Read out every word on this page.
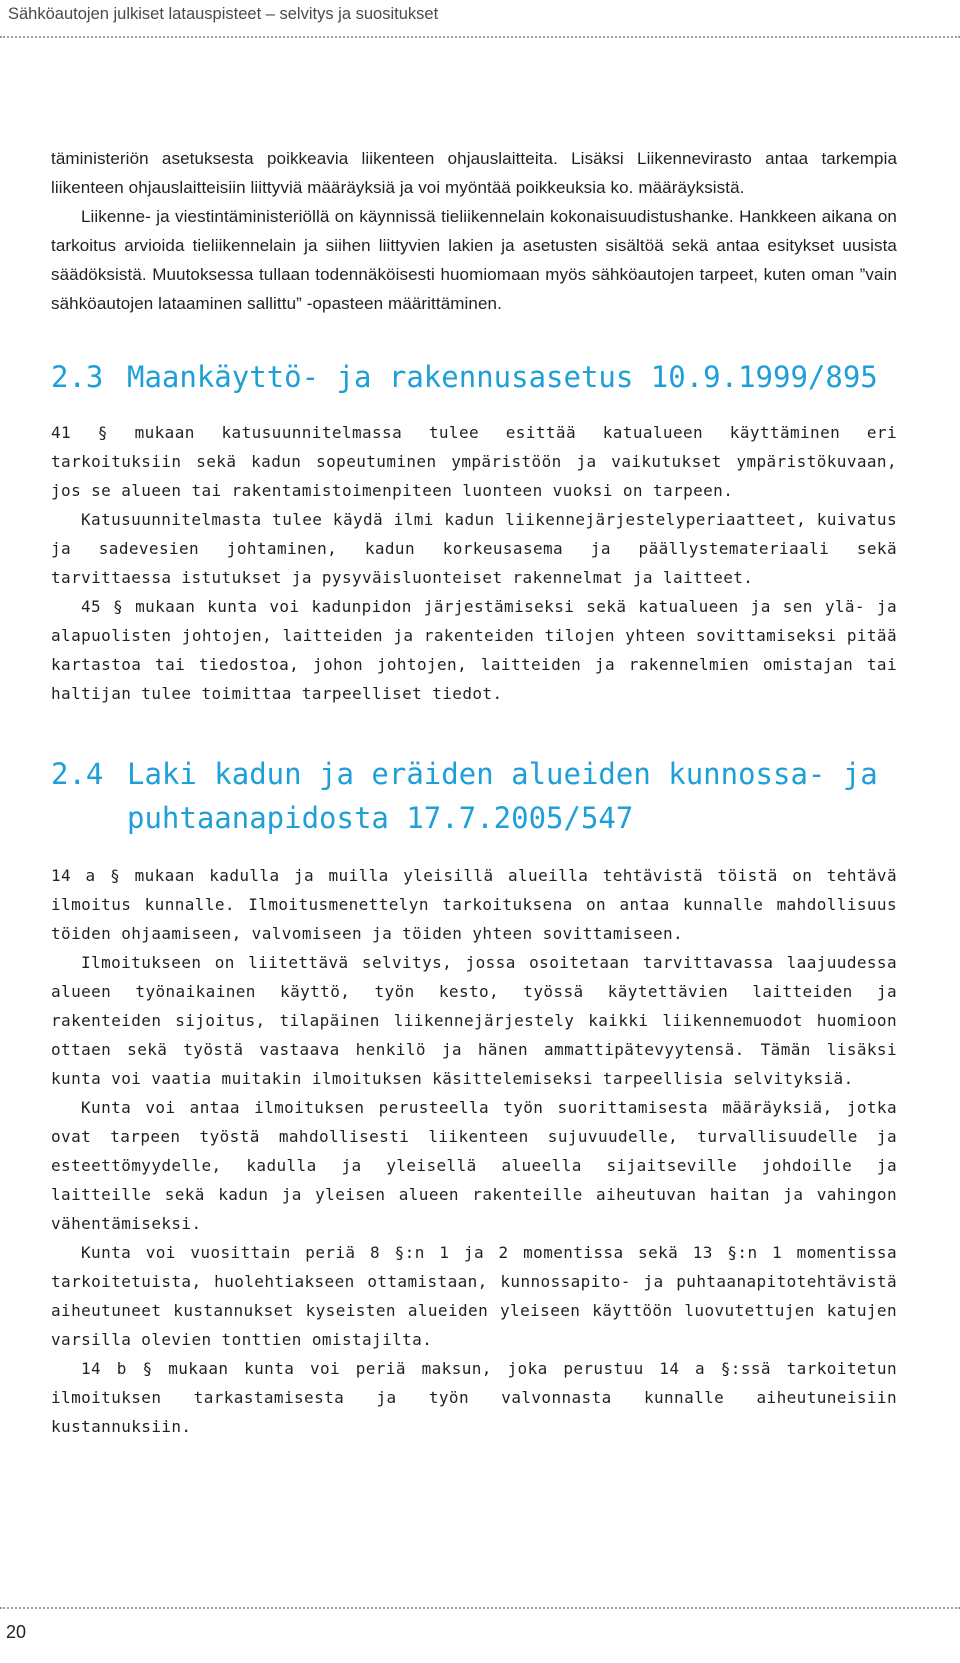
Sähköautojen julkiset latauspisteet – selvitys ja suositukset

täministeriön asetuksesta poikkeavia liikenteen ohjauslaitteita. Lisäksi Liikennevirasto antaa tarkempia liikenteen ohjauslaitteisiin liittyviä määräyksiä ja voi myöntää poikkeuksia ko. määräyksistä.

Liikenne- ja viestintäministeriöllä on käynnissä tieliikennelain kokonaisuudistushanke. Hankkeen aikana on tarkoitus arvioida tieliikennelain ja siihen liittyvien lakien ja asetusten sisältöä sekä antaa esitykset uusista säädöksistä. Muutoksessa tullaan todennäköisesti huomiomaan myös sähköautojen tarpeet, kuten oman ”vain sähköautojen lataaminen sallittu” -opasteen määrittäminen.

2.3 Maankäyttö- ja rakennusasetus 10.9.1999/895

41 § mukaan katusuunnitelmassa tulee esittää katualueen käyttäminen eri tarkoituksiin sekä kadun sopeutuminen ympäristöön ja vaikutukset ympäristökuvaan, jos se alueen tai rakentamistoimenpiteen luonteen vuoksi on tarpeen.

Katusuunnitelmasta tulee käydä ilmi kadun liikennejärjestelyperiaatteet, kuivatus ja sadevesien johtaminen, kadun korkeusasema ja päällystemateriaali sekä tarvittaessa istutukset ja pysyväisluonteiset rakennelmat ja laitteet.

45 § mukaan kunta voi kadunpidon järjestämiseksi sekä katualueen ja sen ylä- ja alapuolisten johtojen, laitteiden ja rakenteiden tilojen yhteen sovittamiseksi pitää kartastoa tai tiedostoa, johon johtojen, laitteiden ja rakennelmien omistajan tai haltijan tulee toimittaa tarpeelliset tiedot.

2.4 Laki kadun ja eräiden alueiden kunnossa- ja puhtaanapidosta 17.7.2005/547

14 a § mukaan kadulla ja muilla yleisillä alueilla tehtävistä töistä on tehtävä ilmoitus kunnalle. Ilmoitusmenettelyn tarkoituksena on antaa kunnalle mahdollisuus töiden ohjaamiseen, valvomiseen ja töiden yhteen sovittamiseen.

Ilmoitukseen on liitettävä selvitys, jossa osoitetaan tarvittavassa laajuudessa alueen työnaikainen käyttö, työn kesto, työssä käytettävien laitteiden ja rakenteiden sijoitus, tilapäinen liikennejärjestely kaikki liikennemuodot huomioon ottaen sekä työstä vastaava henkilö ja hänen ammattipätevyytensä. Tämän lisäksi kunta voi vaatia muitakin ilmoituksen käsittelemiseksi tarpeellisia selvityksiä.

Kunta voi antaa ilmoituksen perusteella työn suorittamisesta määräyksiä, jotka ovat tarpeen työstä mahdollisesti liikenteen sujuvuudelle, turvallisuudelle ja esteettömyydelle, kadulla ja yleisellä alueella sijaitseville johdoille ja laitteille sekä kadun ja yleisen alueen rakenteille aiheutuvan haitan ja vahingon vähentämiseksi.

Kunta voi vuosittain periä 8 §:n 1 ja 2 momentissa sekä 13 §:n 1 momentissa tarkoitetuista, huolehtiakseen ottamistaan, kunnossapito- ja puhtaanapitotehtävistä aiheutuneet kustannukset kyseisten alueiden yleiseen käyttöön luovutettujen katujen varsilla olevien tonttien omistajilta.

14 b § mukaan kunta voi periä maksun, joka perustuu 14 a §:ssä tarkoitetun ilmoituksen tarkastamisesta ja työn valvonnasta kunnalle aiheutuneisiin kustannuksiin.

20
